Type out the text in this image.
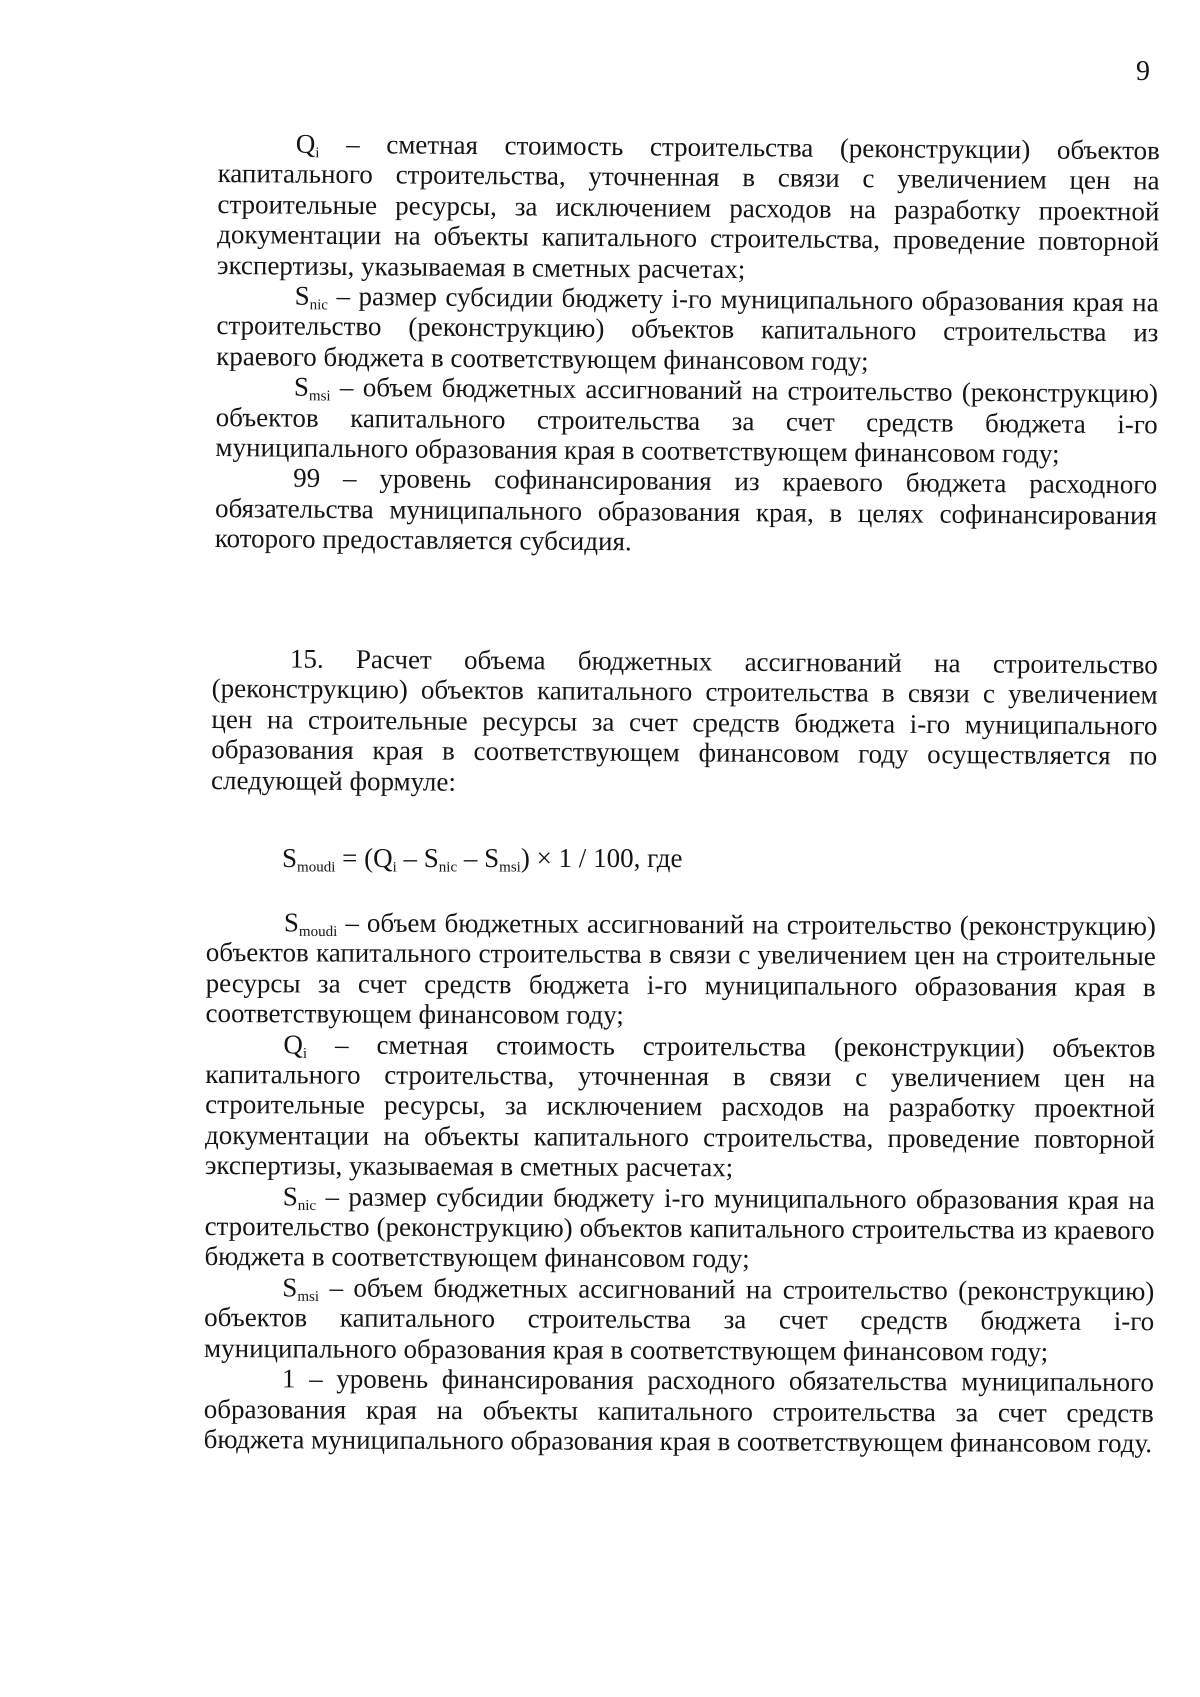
9

$Q_i$ – сметная стоимость строительства (реконструкции) объектов капитального строительства, уточненная в связи с увеличением цен на строительные ресурсы, за исключением расходов на разработку проектной документации на объекты капитального строительства, проведение повторной экспертизы, указываемая в сметных расчетах;

$S_{nic}$ – размер субсидии бюджету i-го муниципального образования края на строительство (реконструкцию) объектов капитального строительства из краевого бюджета в соответствующем финансовом году;

$S_{msi}$ – объем бюджетных ассигнований на строительство (реконструкцию) объектов капитального строительства за счет средств бюджета i-го муниципального образования края в соответствующем финансовом году;

99 – уровень софинансирования из краевого бюджета расходного обязательства муниципального образования края, в целях софинансирования которого предоставляется субсидия.

15. Расчет объема бюджетных ассигнований на строительство (реконструкцию) объектов капитального строительства в связи с увеличением цен на строительные ресурсы за счет средств бюджета i-го муниципального образования края в соответствующем финансовом году осуществляется по следующей формуле:

$S_{moudi} = (Q_i - S_{nic} - S_{msi}) \times 1 / 100$, где

$S_{moudi}$ – объем бюджетных ассигнований на строительство (реконструкцию) объектов капитального строительства в связи с увеличением цен на строительные ресурсы за счет средств бюджета i-го муниципального образования края в соответствующем финансовом году;

$Q_i$ – сметная стоимость строительства (реконструкции) объектов капитального строительства, уточненная в связи с увеличением цен на строительные ресурсы, за исключением расходов на разработку проектной документации на объекты капитального строительства, проведение повторной экспертизы, указываемая в сметных расчетах;

$S_{nic}$ – размер субсидии бюджету i-го муниципального образования края на строительство (реконструкцию) объектов капитального строительства из краевого бюджета в соответствующем финансовом году;

$S_{msi}$ – объем бюджетных ассигнований на строительство (реконструкцию) объектов капитального строительства за счет средств бюджета i-го муниципального образования края в соответствующем финансовом году;

1 – уровень финансирования расходного обязательства муниципального образования края на объекты капитального строительства за счет средств бюджета муниципального образования края в соответствующем финансовом году.
